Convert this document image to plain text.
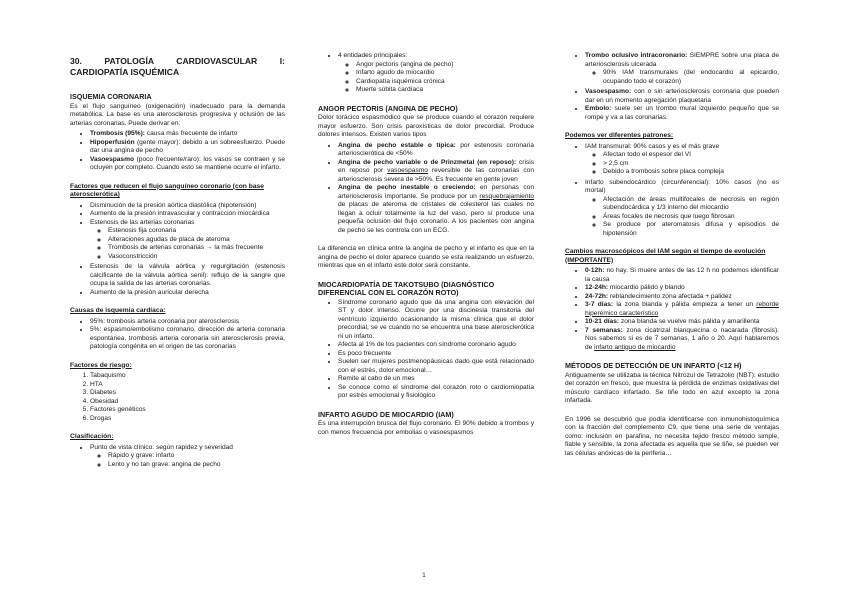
30. PATOLOGÍA CARDIOVASCULAR I: CARDIOPATÍA ISQUÉMICA
ISQUEMIA CORONARIA

Es el flujo sanguíneo (oxigenación) inadecuado para la demanda metabólica. La base es una aterosclerosis progresiva y oclusión de las arterias coronarias. Puede derivar en:

• Trombosis (95%): causa más frecuente de infarto
• Hipoperfusión (gente mayor): debido a un sobreesfuerzo. Puede dar una angina de pecho
• Vasoespasmo (poco frecuente/raro): los vasos se contraen y se ocluyen por completo. Cuando esto se mantiene ocurre el infarto.
Factores que reducen el flujo sanguíneo coronario (con base aterosclerótica)
• Disminución de la presión aórtica diastólica (hipotensión)
• Aumento de la presión intravascular y contracción miocárdica
• Estenosis de las arterias coronarias
◦ Estenosis fija coronaria
◦ Alteraciones agudas de placa de ateroma
◦ Trombosis de arterias coronarias → la más frecuente
◦ Vasoconstricción
• Estenosis de la válvula aórtica y regurgitación (estenosis calcificante de la válvula aórtica senil): reflujo de la sangre que ocupa la salida de las arterias coronarias.
• Aumento de la presión auricular derecha
Causas de isquemia cardíaca:
• 95%: trombosis arteria coronaria por aterosclerosis
• 5%: espasmo/embolismo coronario, dirección de arteria coronaria espontánea, trombosis arteria coronaria sin aterosclerosis previa, patología congénita en el origen de las coronarias
Factores de riesgo:
1. Tabaquismo
2. HTA
3. Diabetes
4. Obesidad
5. Factores genéticos
6. Drogas
Clasificación:
• Punto de vista clínico: según rapidez y severidad
◦ Rápido y grave: infarto
◦ Lento y no tan grave: angina de pecho
• 4 entidades principales:
◦ Angor pectoris (angina de pecho)
◦ Infarto agudo de miocardio
◦ Cardiopatía isquémica crónica
◦ Muerte súbita cardíaca
ANGOR PECTORIS (ANGINA DE PECHO)

Dolor torácico espasmódico que se produce cuando el corazón requiere mayor esfuerzo. Son crisis paroxísticas de dolor precordial. Produce dolores intensos. Existen varios tipos

• Angina de pecho estable o típica: por estenosis coronaria arteriosclerótica de <50%
• Angina de pecho variable o de Prinzmetal (en reposo): crisis en reposo por vasoespasmo reversible de las coronarias con arteriosclerosis severa de >50%. Es frecuente en gente joven
• Angina de pecho inestable o creciendo: en personas con arteriosclerosis importante. Se produce por un resquebrajamiento de placas de ateroma de cristales de colesterol las cuales no llegan a ocluir totalmente la luz del vaso, pero sí produce una pequeña oclusión del flujo coronario. A los pacientes con angina de pecho se les controla con un ECG.

La diferencia en clínica entre la angina de pecho y el infarto es que en la angina de pecho el dolor aparece cuando se esta realizando un esfuerzo, mientras que en el infarto este dolor será constante.

MIOCARDIOPATÍA DE TAKOTSUBO (DIAGNÓSTICO DIFERENCIAL CON EL CORAZÓN ROTO)
• Síndrome coronario agudo que da una angina con elevación del ST y dolor intenso. Ocurre por una discinesia transitoria del ventrículo izquierdo ocasionando la misma clínica que el dolor precordial, se ve cuando no se encuentra una base aterosclerótica ni un infarto.
• Afecta al 1% de los pacientes con síndrome coronario agudo
• Es poco frecuente
• Suelen ser mujeres postmenopáusicas dado que está relacionado con el estrés, dolor emocional…
• Remite al cabo de un mes
• Se conoce como el síndrome del corazón roto o cardiomiopatía por estrés emocional y fisiológico
INFARTO AGUDO DE MIOCARDIO (IAM)

Es una interrupción brusca del flujo coronario. El 90% debido a trombos y con menos frecuencia por embolias o vasoespasmos

• Trombo oclusivo intracoronario: SIEMPRE sobre una placa de arteriosclerosis ulcerada
◦ 90% IAM transmurales (del endocardio al epicardio, ocupando todo el corazón)
• Vasoespasmo: con o sin arteriosclerosis coronaria que pueden dar en un momento agregación plaquetaria
• Embolo: suele ser un trombo mural izquierdo pequeño que se rompe y va a las coronarias.
Podemos ver diferentes patrones:
• IAM transmural: 90% casos y es el más grave
◦ Afectan todo el espesor del VI
◦ > 2,5 cm
◦ Debido a trombosis sobre placa compleja
• Infarto subendocárdico (circunferencial): 10% casos (no es mortal)
◦ Afectación de áreas multifocales de necrosis en región subendocárdica y 1/3 interno del miocardio
◦ Áreas focales de necrosis que luego fibrosan
◦ Se produce por ateromatosis difusa y episodios de hipotensión
Cambios macroscópicos del IAM según el tiempo de evolución (IMPORTANTE)
• 0-12h: no hay. Si muere antes de las 12 h no podemos identificar la causa
• 12-24h: miocardio pálido y blando
• 24-72h: reblandecimiento zona afectada + palidez
• 3-7 días: la zona blanda y pálida empieza a tener un reborde hiperémico característico
• 10-21 días: zona blanda se vuelve más pálida y amarillenta
• 7 semanas: zona cicatrizal blanquecina o nacarada (fibrosis). Nos sabemos si es de 7 semanas, 1 año o 20. Aquí hablaremos de infarto antiguo de miocardio
MÉTODOS DE DETECCIÓN DE UN INFARTO (<12 H)

Antiguamente se utilizaba la técnica Nitrozul de Tetrazolio (NBT): estudio del corazón en fresco, que muestra la pérdida de enzimas oxidativas del músculo cardíaco infartado. Se tiñe todo en azul excepto la zona infartada.

En 1996 se descubrió que podía identificarse con inmunohistoquímica con la fracción del complemento C9, que tiene una serie de ventajas como: inclusión en parafina, no necesita tejido fresco método simple, fiable y sensible, la zona afectada es aquella que se tiñe, se pueden ver las células anóxicas de la periferia…

1
